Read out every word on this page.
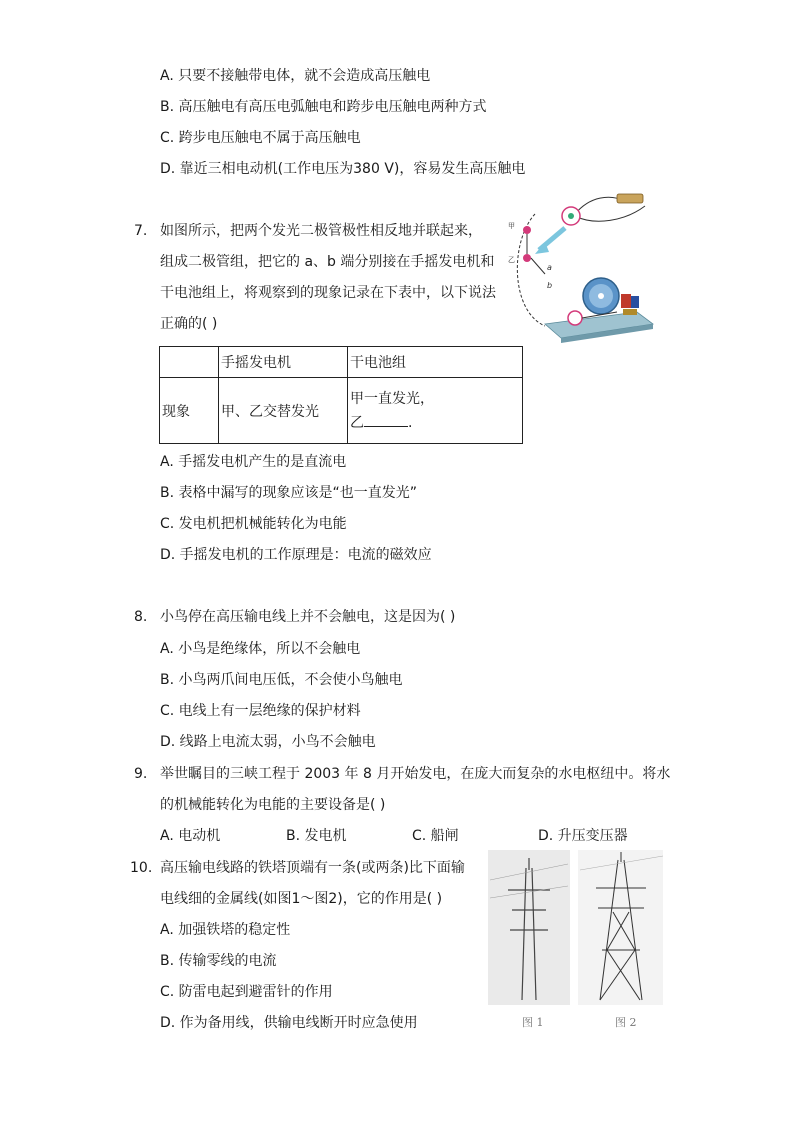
A. 只要不接触带电体，就不会造成高压触电
B. 高压触电有高压电弧触电和跨步电压触电两种方式
C. 跨步电压触电不属于高压触电
D. 靠近三相电动机(工作电压为380 V)，容易发生高压触电
7. 如图所示，把两个发光二极管极性相反地并联起来，
组成二极管组，把它的 a、b 端分别接在手摇发电机和
干电池组上，将观察到的现象记录在下表中，以下说法
正确的( )
甲
乙
a
b
	手摇发电机	干电池组
现象	甲、乙交替发光	甲一直发光，
乙 .
A. 手摇发电机产生的是直流电
B. 表格中漏写的现象应该是“也一直发光”
C. 发电机把机械能转化为电能
D. 手摇发电机的工作原理是：电流的磁效应
8. 小鸟停在高压输电线上并不会触电，这是因为( )
A. 小鸟是绝缘体，所以不会触电
B. 小鸟两爪间电压低，不会使小鸟触电
C. 电线上有一层绝缘的保护材料
D. 线路上电流太弱，小鸟不会触电
9. 举世瞩目的三峡工程于 2003 年 8 月开始发电，在庞大而复杂的水电枢纽中。将水
的机械能转化为电能的主要设备是( )
A. 电动机	B. 发电机	C. 船闸	D. 升压变压器
10. 高压输电线路的铁塔顶端有一条(或两条)比下面输
电线细的金属线(如图1～图2)，它的作用是( )
A. 加强铁塔的稳定性
B. 传输零线的电流
C. 防雷电起到避雷针的作用
D. 作为备用线，供输电线断开时应急使用	图 1	图 2
